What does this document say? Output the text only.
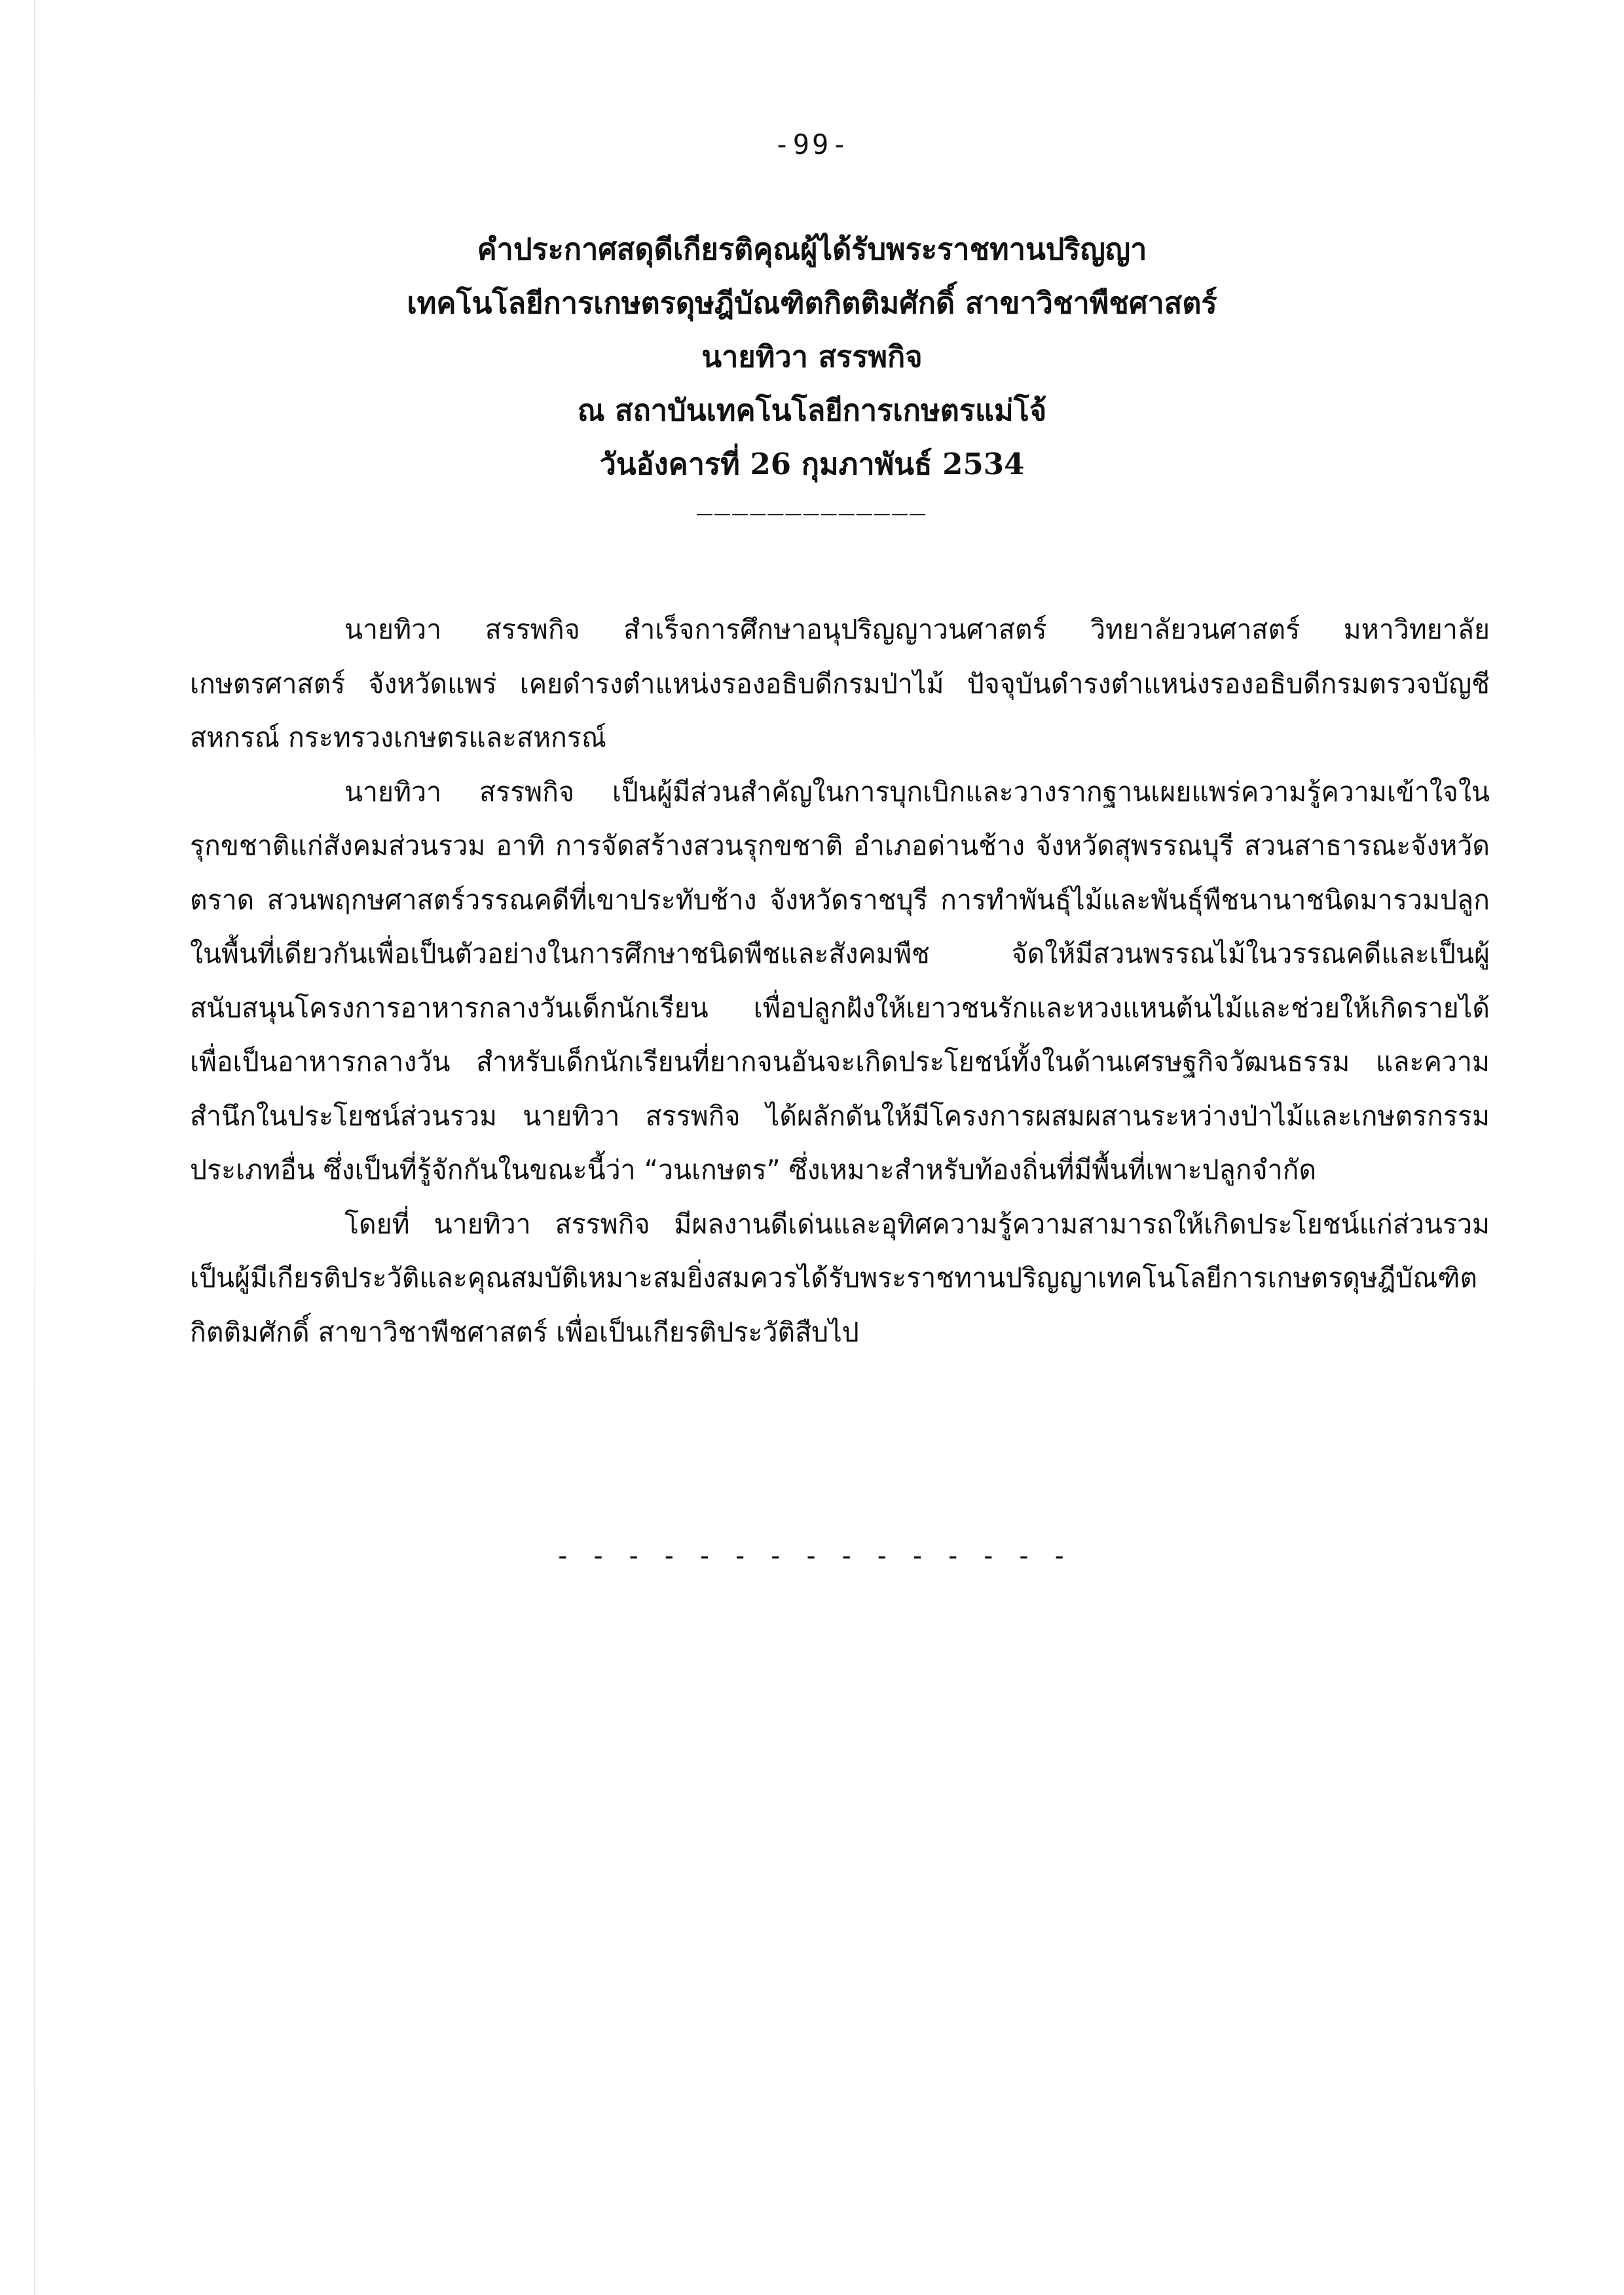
-99-
คำประกาศสดุดีเกียรติคุณผู้ได้รับพระราชทานปริญญา
เทคโนโลยีการเกษตรดุษฎีบัณฑิตกิตติมศักดิ์ สาขาวิชาพืชศาสตร์
นายทิวา สรรพกิจ
ณ สถาบันเทคโนโลยีการเกษตรแม่โจ้
วันอังคารที่ 26 กุมภาพันธ์ 2534
_____________

นายทิวา สรรพกิจ สำเร็จการศึกษาอนุปริญญาวนศาสตร์ วิทยาลัยวนศาสตร์ มหาวิทยาลัยเกษตรศาสตร์ จังหวัดแพร่ เคยดำรงตำแหน่งรองอธิบดีกรมป่าไม้ ปัจจุบันดำรงตำแหน่งรองอธิบดีกรมตรวจบัญชีสหกรณ์ กระทรวงเกษตรและสหกรณ์

นายทิวา สรรพกิจ เป็นผู้มีส่วนสำคัญในการบุกเบิกและวางรากฐานเผยแพร่ความรู้ความเข้าใจในรุกขชาติแก่สังคมส่วนรวม อาทิ การจัดสร้างสวนรุกขชาติ อำเภอด่านช้าง จังหวัดสุพรรณบุรี สวนสาธารณะจังหวัดตราด สวนพฤกษศาสตร์วรรณคดีที่เขาประทับช้าง จังหวัดราชบุรี การทำพันธุ์ไม้และพันธุ์พืชนานาชนิดมารวมปลูกในพื้นที่เดียวกันเพื่อเป็นตัวอย่างในการศึกษาชนิดพืชและสังคมพืช จัดให้มีสวนพรรณไม้ในวรรณคดีและเป็นผู้สนับสนุนโครงการอาหารกลางวันเด็กนักเรียน เพื่อปลูกฝังให้เยาวชนรักและหวงแหนต้นไม้และช่วยให้เกิดรายได้เพื่อเป็นอาหารกลางวัน สำหรับเด็กนักเรียนที่ยากจนอันจะเกิดประโยชน์ทั้งในด้านเศรษฐกิจวัฒนธรรม และความสำนึกในประโยชน์ส่วนรวม นายทิวา สรรพกิจ ได้ผลักดันให้มีโครงการผสมผสานระหว่างป่าไม้และเกษตรกรรมประเภทอื่น ซึ่งเป็นที่รู้จักกันในขณะนี้ว่า “วนเกษตร” ซึ่งเหมาะสำหรับท้องถิ่นที่มีพื้นที่เพาะปลูกจำกัด

โดยที่ นายทิวา สรรพกิจ มีผลงานดีเด่นและอุทิศความรู้ความสามารถให้เกิดประโยชน์แก่ส่วนรวม เป็นผู้มีเกียรติประวัติและคุณสมบัติเหมาะสมยิ่งสมควรได้รับพระราชทานปริญญาเทคโนโลยีการเกษตรดุษฎีบัณฑิตกิตติมศักดิ์ สาขาวิชาพืชศาสตร์ เพื่อเป็นเกียรติประวัติสืบไป

- - - - - - - - - - - - - - -
